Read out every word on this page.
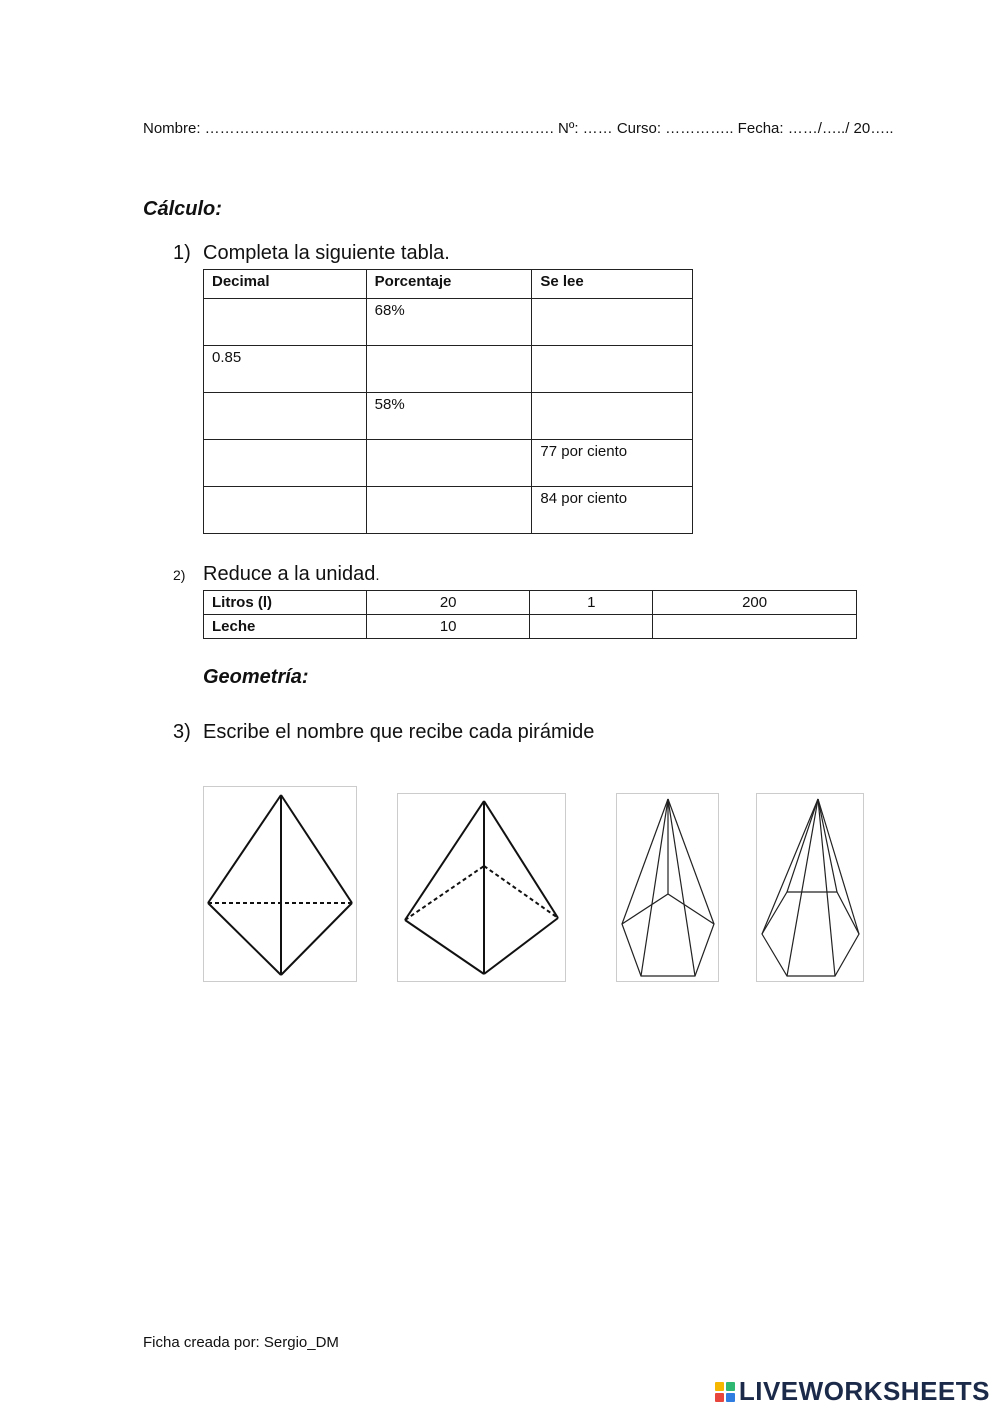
Nombre: ……………………………………………………………. Nº: …… Curso: ………….. Fecha: ……/…../ 20…..
Cálculo:
1) Completa la siguiente tabla.
Decimal	Porcentaje	Se lee
	68%	
0.85		
	58%	
		77 por ciento
		84 por ciento
2) Reduce a la unidad.
Litros (l)	20	1	200
Leche	10		
Geometría:
3) Escribe el nombre que recibe cada pirámide
Ficha creada por: Sergio_DM
LIVEWORKSHEETS
